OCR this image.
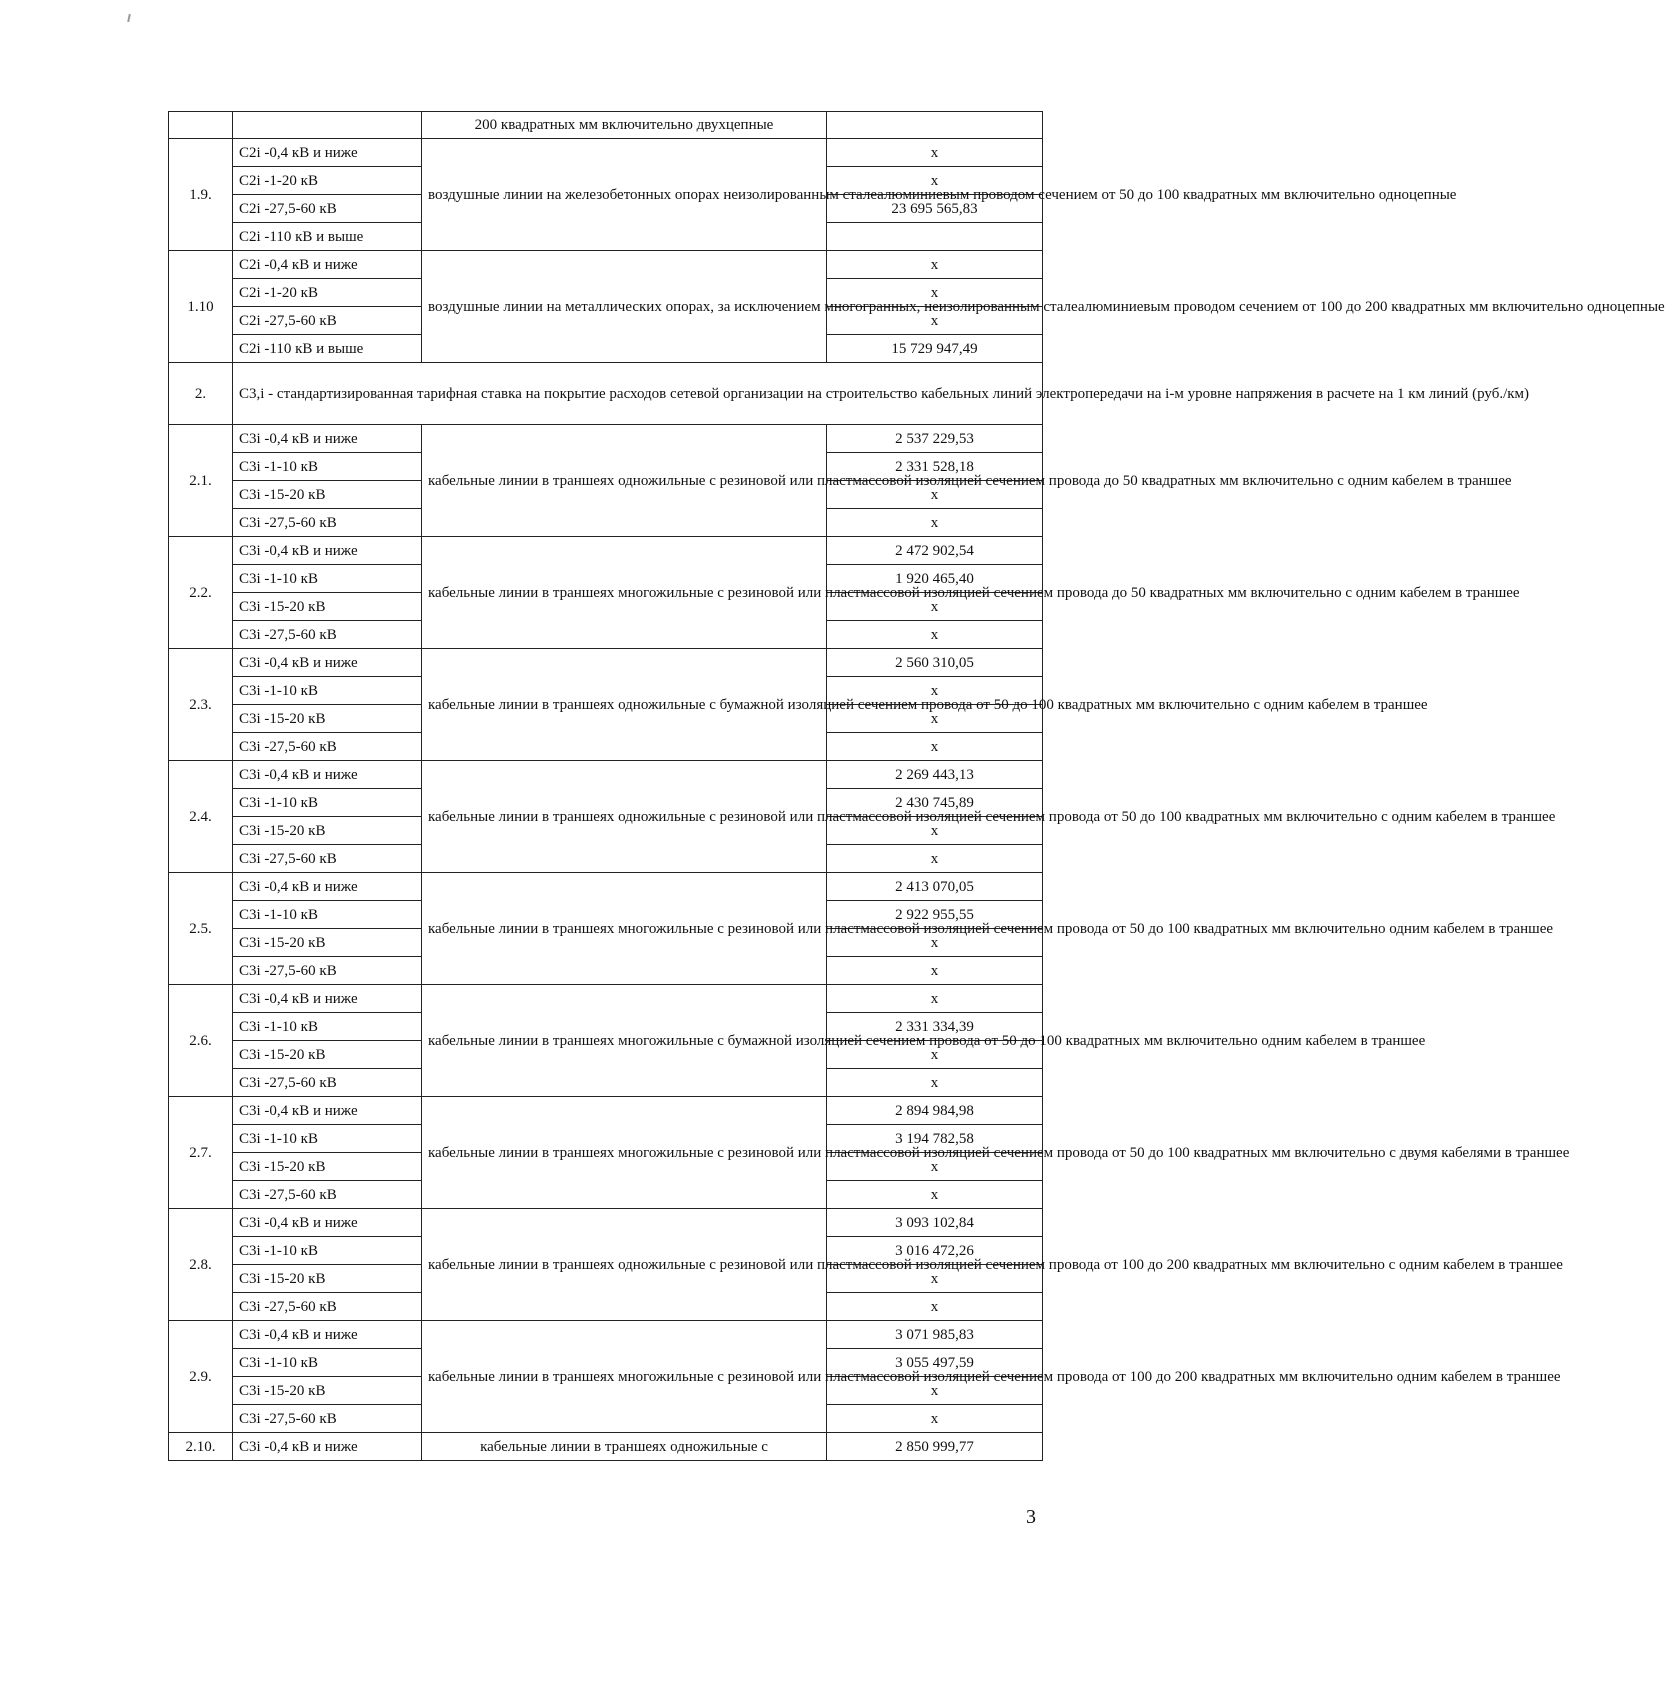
		200 квадратных мм включительно двухцепные	
1.9.	C2i -0,4 кВ и ниже	воздушные линии на железобетонных опорах неизолированным сталеалюминиевым проводом сечением от 50 до 100 квадратных мм включительно одноцепные	x
	C2i -1-20 кВ		x
	C2i -27,5-60 кВ		23 695 565,83
	C2i -110 кВ и выше		
1.10	C2i -0,4 кВ и ниже	воздушные линии на металлических опорах, за исключением многогранных, неизолированным сталеалюминиевым проводом сечением от 100 до 200 квадратных мм включительно одноцепные	x
	C2i -1-20 кВ		x
	C2i -27,5-60 кВ		x
	C2i -110 кВ и выше		15 729 947,49
2.	C3,i - стандартизированная тарифная ставка на покрытие расходов сетевой организации на строительство кабельных линий электропередачи на i-м уровне напряжения в расчете на 1 км линий (руб./км)		
2.1.	C3i -0,4 кВ и ниже	кабельные линии в траншеях одножильные с резиновой или пластмассовой изоляцией сечением провода до 50 квадратных мм включительно с одним кабелем в траншее	2 537 229,53
	C3i -1-10 кВ		2 331 528,18
	C3i -15-20 кВ		x
	C3i -27,5-60 кВ		x
2.2.	C3i -0,4 кВ и ниже	кабельные линии в траншеях многожильные с резиновой или пластмассовой изоляцией сечением провода до 50 квадратных мм включительно с одним кабелем в траншее	2 472 902,54
	C3i -1-10 кВ		1 920 465,40
	C3i -15-20 кВ		x
	C3i -27,5-60 кВ		x
2.3.	C3i -0,4 кВ и ниже	кабельные линии в траншеях одножильные с бумажной изоляцией сечением провода от 50 до 100 квадратных мм включительно с одним кабелем в траншее	2 560 310,05
	C3i -1-10 кВ		x
	C3i -15-20 кВ		x
	C3i -27,5-60 кВ		x
2.4.	C3i -0,4 кВ и ниже	кабельные линии в траншеях одножильные с резиновой или пластмассовой изоляцией сечением провода от 50 до 100 квадратных мм включительно с одним кабелем в траншее	2 269 443,13
	C3i -1-10 кВ		2 430 745,89
	C3i -15-20 кВ		x
	C3i -27,5-60 кВ		x
2.5.	C3i -0,4 кВ и ниже	кабельные линии в траншеях многожильные с резиновой или пластмассовой изоляцией сечением провода от 50 до 100 квадратных мм включительно одним кабелем в траншее	2 413 070,05
	C3i -1-10 кВ		2 922 955,55
	C3i -15-20 кВ		x
	C3i -27,5-60 кВ		x
2.6.	C3i -0,4 кВ и ниже	кабельные линии в траншеях многожильные с бумажной изоляцией сечением провода от 50 до 100 квадратных мм включительно одним кабелем в траншее	x
	C3i -1-10 кВ		2 331 334,39
	C3i -15-20 кВ		x
	C3i -27,5-60 кВ		x
2.7.	C3i -0,4 кВ и ниже	кабельные линии в траншеях многожильные с резиновой или пластмассовой изоляцией сечением провода от 50 до 100 квадратных мм включительно с двумя кабелями в траншее	2 894 984,98
	C3i -1-10 кВ		3 194 782,58
	C3i -15-20 кВ		x
	C3i -27,5-60 кВ		x
2.8.	C3i -0,4 кВ и ниже	кабельные линии в траншеях одножильные с резиновой или пластмассовой изоляцией сечением провода от 100 до 200 квадратных мм включительно с одним кабелем в траншее	3 093 102,84
	C3i -1-10 кВ		3 016 472,26
	C3i -15-20 кВ		x
	C3i -27,5-60 кВ		x
2.9.	C3i -0,4 кВ и ниже	кабельные линии в траншеях многожильные с резиновой или пластмассовой изоляцией сечением провода от 100 до 200 квадратных мм включительно одним кабелем в траншее	3 071 985,83
	C3i -1-10 кВ		3 055 497,59
	C3i -15-20 кВ		x
	C3i -27,5-60 кВ		x
2.10.	C3i -0,4 кВ и ниже	кабельные линии в траншеях одножильные с	2 850 999,77
3
